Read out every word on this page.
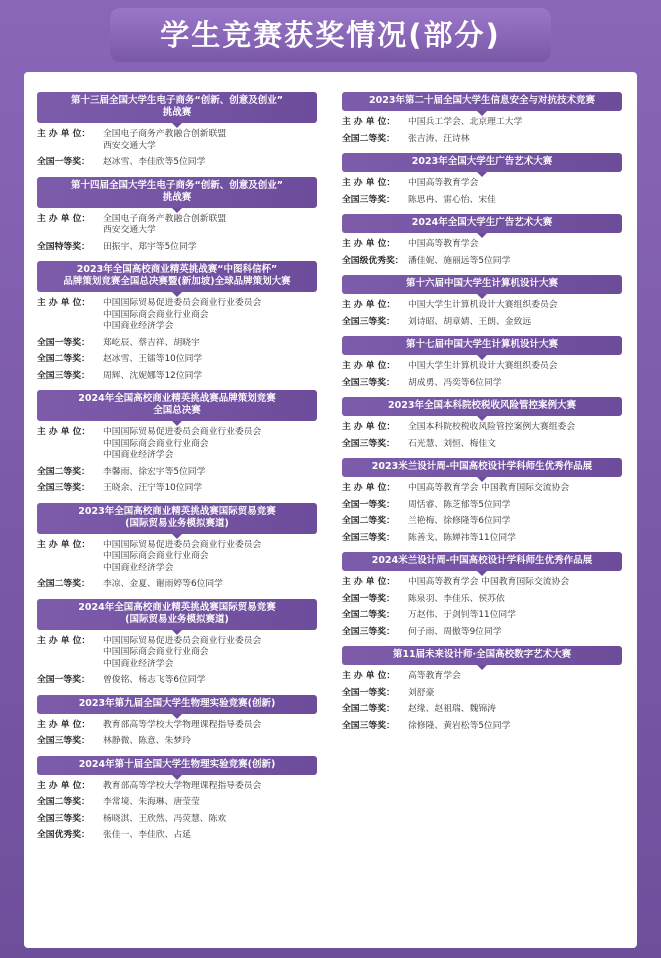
学生竞赛获奖情况(部分)
第十三届全国大学生电子商务“创新、创意及创业”
挑战赛
主 办 单 位：	全国电子商务产教融合创新联盟
西安交通大学
全国一等奖：	赵冰雪、李佳欣等5位同学
第十四届全国大学生电子商务“创新、创意及创业”
挑战赛
主 办 单 位：	全国电子商务产教融合创新联盟
西安交通大学
全国特等奖：	田振宇、郑宇等5位同学
2023年全国高校商业精英挑战赛“中图科信杯”
品牌策划竞赛全国总决赛暨(新加坡)全球品牌策划大赛
主 办 单 位：	中国国际贸易促进委员会商业行业委员会
中国国际商会商业行业商会
中国商业经济学会
全国一等奖：	郑屹辰、蔡吉祥、胡晓宇
全国二等奖：	赵冰雪、王镭等10位同学
全国三等奖：	周辉、沈妮娜等12位同学
2024年全国高校商业精英挑战赛品牌策划竞赛
全国总决赛
主 办 单 位：	中国国际贸易促进委员会商业行业委员会
中国国际商会商业行业商会
中国商业经济学会
全国二等奖：	李馨雨、徐宏宇等5位同学
全国三等奖：	王晓余、汪宁等10位同学
2023年全国高校商业精英挑战赛国际贸易竞赛
(国际贸易业务模拟赛道)
主 办 单 位：	中国国际贸易促进委员会商业行业委员会
中国国际商会商业行业商会
中国商业经济学会
全国二等奖：	李凉、金夏、谢雨婷等6位同学
2024年全国高校商业精英挑战赛国际贸易竞赛
(国际贸易业务模拟赛道)
主 办 单 位：	中国国际贸易促进委员会商业行业委员会
中国国际商会商业行业商会
中国商业经济学会
全国一等奖：	曾俊铭、杨志飞等6位同学
2023年第九届全国大学生物理实验竞赛(创新)
主 办 单 位：	教育部高等学校大学物理课程指导委员会
全国三等奖：	林静微、陈意、朱梦玲
2024年第十届全国大学生物理实验竞赛(创新)
主 办 单 位：	教育部高等学校大学物理课程指导委员会
全国二等奖：	李常境、朱海琳、唐莹莹
全国三等奖：	杨晓淇、王欣然、冯荧慧、陈欢
全国优秀奖：	张佳一、李佳欣、占延
2023年第二十届全国大学生信息安全与对抗技术竞赛
主 办 单 位：	中国兵工学会、北京理工大学
全国二等奖：	张吉涛、汪诗林
2023年全国大学生广告艺术大赛
主 办 单 位：	中国高等教育学会
全国三等奖：	陈思冉、雷心怡、宋佳
2024年全国大学生广告艺术大赛
主 办 单 位：	中国高等教育学会
全国级优秀奖： 潘佳妮、施丽远等5位同学
第十六届中国大学生计算机设计大赛
主 办 单 位：	中国大学生计算机设计大赛组织委员会
全国三等奖：	刘诗昭、胡章婧、王朗、金致远
第十七届中国大学生计算机设计大赛
主 办 单 位：	中国大学生计算机设计大赛组织委员会
全国三等奖：	胡成勇、冯奕等6位同学
2023年全国本科院校税收风险管控案例大赛
主 办 单 位：	全国本科院校税收风险管控案例大赛组委会
全国三等奖：	石光慧、刘恒、梅佳文
2023米兰设计周-中国高校设计学科师生优秀作品展
主 办 单 位：	中国高等教育学会 中国教育国际交流协会
全国一等奖：	周恬睿、陈芝郁等5位同学
全国二等奖：	兰艳梅、徐修隆等6位同学
全国三等奖：	陈善戈、陈婵祎等11位同学
2024米兰设计周-中国高校设计学科师生优秀作品展
主 办 单 位：	中国高等教育学会 中国教育国际交流协会
全国一等奖：	陈泉羽、李佳乐、侯苏依
全国二等奖：	万赵伟、于剑钊等11位同学
全国三等奖：	何子雨、周傲等9位同学
第11届未来设计师·全国高校数字艺术大赛
主 办 单 位：	高等教育学会
全国一等奖：	刘舒豪
全国二等奖：	赵缘、赵祖瑞、魏锦涛
全国三等奖：	徐修隆、黄岩松等5位同学
